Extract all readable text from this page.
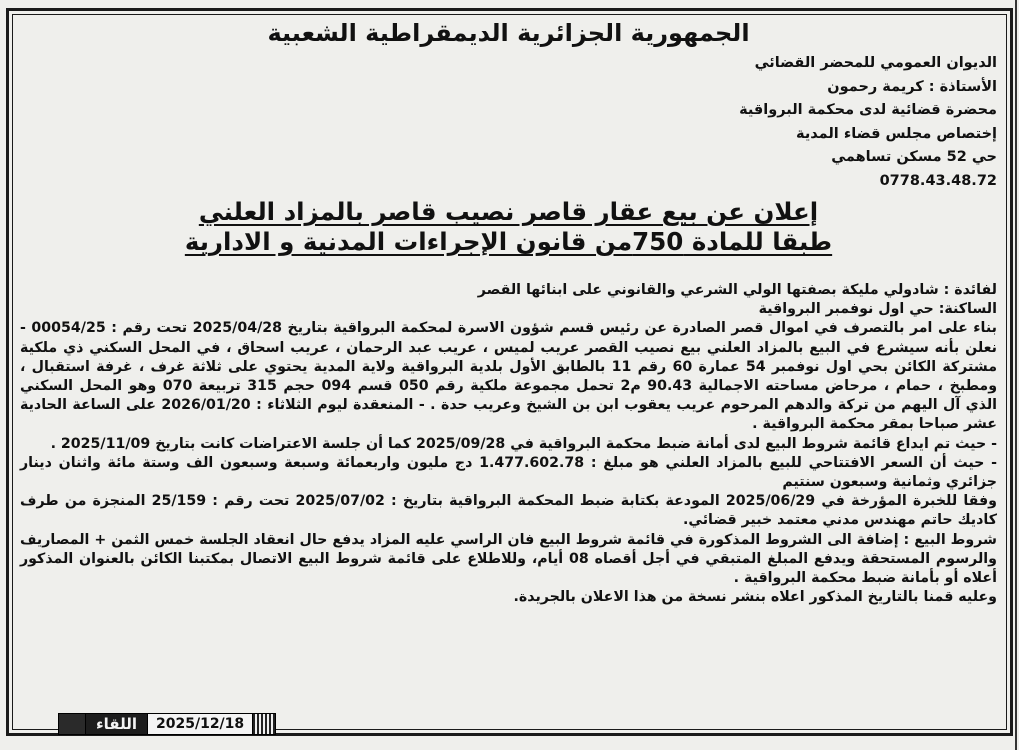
الجمهورية الجزائرية الديمقراطية الشعبية

الديوان العمومي للمحضر القضائي

الأستاذة : كريمة رحمون

محضرة قضائية لدى محكمة البرواقية

إختصاص مجلس قضاء المدية

حي 52 مسكن تساهمي

0778.43.48.72

إعلان عن بيع عقار قاصر نصيب قاصر بالمزاد العلني
طبقا للمادة 750من قانون الإجراءات المدنية و الادارية

لفائدة : شادولي مليكة بصفتها الولي الشرعي والقانوني على ابنائها القصر

الساكنة: حي اول نوفمبر البرواقية

بناء على امر بالتصرف في اموال قصر الصادرة عن رئيس قسم شؤون الاسرة لمحكمة البرواقية بتاريخ 2025/04/28 تحت رقم : 00054/25 - نعلن بأنه سيشرع في البيع بالمزاد العلني بيع نصيب القصر عريب لميس ، عريب عبد الرحمان ، عريب اسحاق ، في المحل السكني ذي ملكية مشتركة الكائن بحي اول نوفمبر 54 عمارة 60 رقم 11 بالطابق الأول بلدية البرواقية ولاية المدية يحتوي على ثلاثة غرف ، غرفة استقبال ، ومطبخ ، حمام ، مرحاض مساحته الاجمالية 90.43 م2 تحمل مجموعة ملكية رقم 050 قسم 094 حجم 315 تربيعة 070 وهو المحل السكني الذي آل اليهم من تركة والدهم المرحوم عريب يعقوب ابن بن الشيخ وعريب حدة . - المنعقدة ليوم الثلاثاء : 2026/01/20 على الساعة الحادية عشر صباحا بمقر محكمة البرواقية .

- حيث تم ايداع قائمة شروط البيع لدى أمانة ضبط محكمة البرواقية في 2025/09/28 كما أن جلسة الاعتراضات كانت بتاريخ 2025/11/09 .

- حيث أن السعر الافتتاحي للبيع بالمزاد العلني هو مبلغ : 1.477.602.78 دج مليون واربعمائة وسبعة وسبعون الف وستة مائة واثنان دينار جزائري وثمانية وسبعون سنتيم

وفقا للخبرة المؤرخة في 2025/06/29 المودعة بكتابة ضبط المحكمة البرواقية بتاريخ : 2025/07/02 تحت رقم : 25/159 المنجزة من طرف كاديك حاتم مهندس مدني معتمد خبير قضائي.

شروط البيع : إضافة الى الشروط المذكورة في قائمة شروط البيع فان الراسي عليه المزاد يدفع حال انعقاد الجلسة خمس الثمن + المصاريف والرسوم المستحقة ويدفع المبلغ المتبقي في أجل أقصاه 08 أيام، وللاطلاع على قائمة شروط البيع الاتصال بمكتبنا الكائن بالعنوان المذكور أعلاه أو بأمانة ضبط محكمة البرواقية .

وعليه قمنا بالتاريخ المذكور اعلاه بنشر نسخة من هذا الاعلان بالجريدة.

اللقاء	2025/12/18
